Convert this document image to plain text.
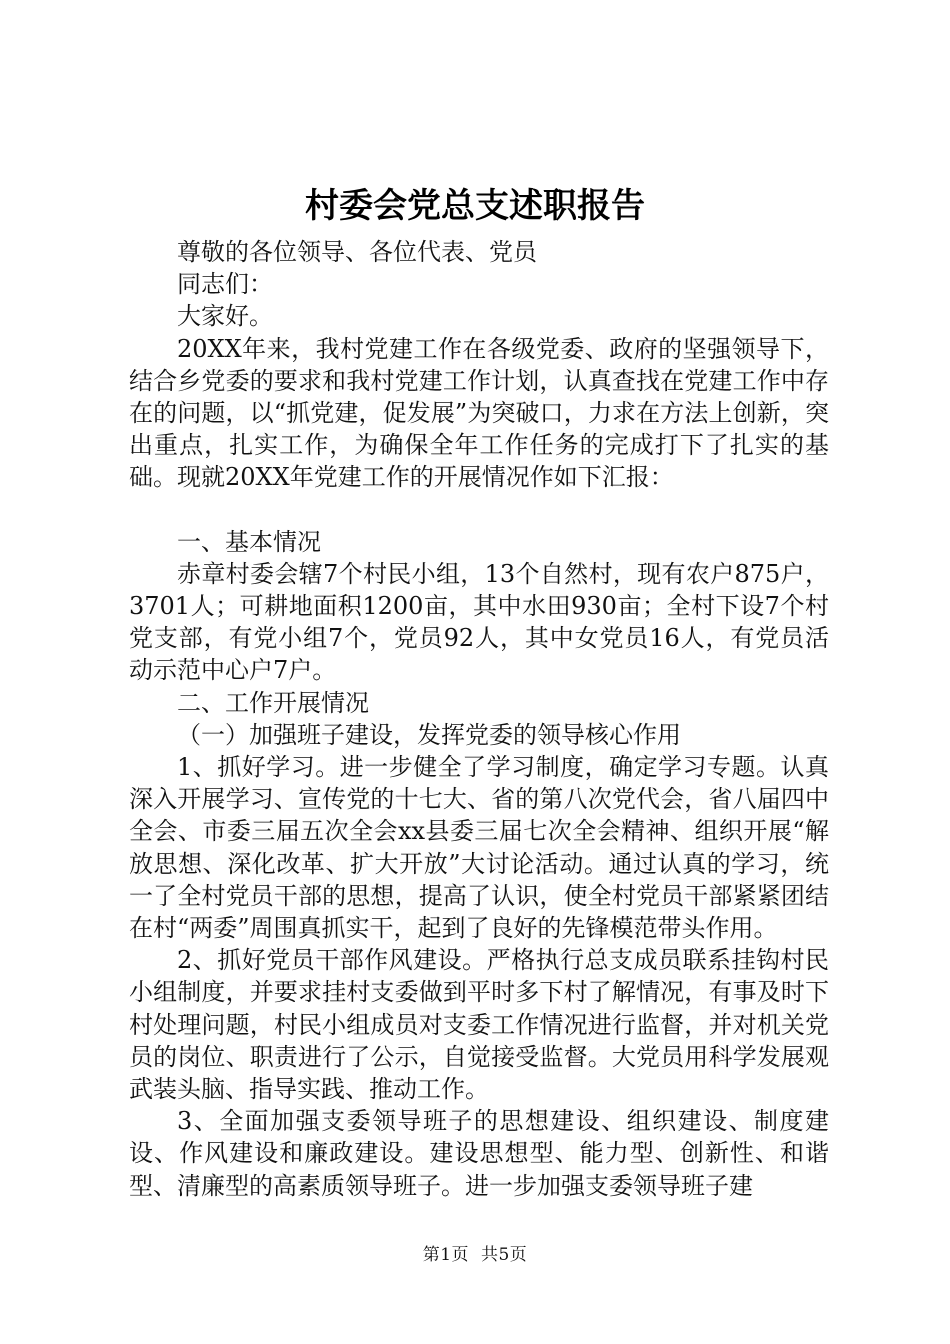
村委会党总支述职报告

尊敬的各位领导、各位代表、党员

同志们：

大家好。

20XX年来，我村党建工作在各级党委、政府的坚强领导下，结合乡党委的要求和我村党建工作计划，认真查找在党建工作中存在的问题，以“抓党建，促发展”为突破口，力求在方法上创新，突出重点，扎实工作，为确保全年工作任务的完成打下了扎实的基础。现就20XX年党建工作的开展情况作如下汇报：

一、基本情况

赤章村委会辖7个村民小组，13个自然村，现有农户875户，3701人；可耕地面积1200亩，其中水田930亩；全村下设7个村党支部，有党小组7个，党员92人，其中女党员16人，有党员活动示范中心户7户。

二、工作开展情况

（一）加强班子建设，发挥党委的领导核心作用

1、抓好学习。进一步健全了学习制度，确定学习专题。认真深入开展学习、宣传党的十七大、省的第八次党代会，省八届四中全会、市委三届五次全会xx县委三届七次全会精神、组织开展“解放思想、深化改革、扩大开放”大讨论活动。通过认真的学习，统一了全村党员干部的思想，提高了认识，使全村党员干部紧紧团结在村“两委”周围真抓实干，起到了良好的先锋模范带头作用。

2、抓好党员干部作风建设。严格执行总支成员联系挂钩村民小组制度，并要求挂村支委做到平时多下村了解情况，有事及时下村处理问题，村民小组成员对支委工作情况进行监督，并对机关党员的岗位、职责进行了公示，自觉接受监督。大党员用科学发展观武装头脑、指导实践、推动工作。

3、全面加强支委领导班子的思想建设、组织建设、制度建设、作风建设和廉政建设。建设思想型、能力型、创新性、和谐型、清廉型的高素质领导班子。进一步加强支委领导班子建

第1页 共5页
